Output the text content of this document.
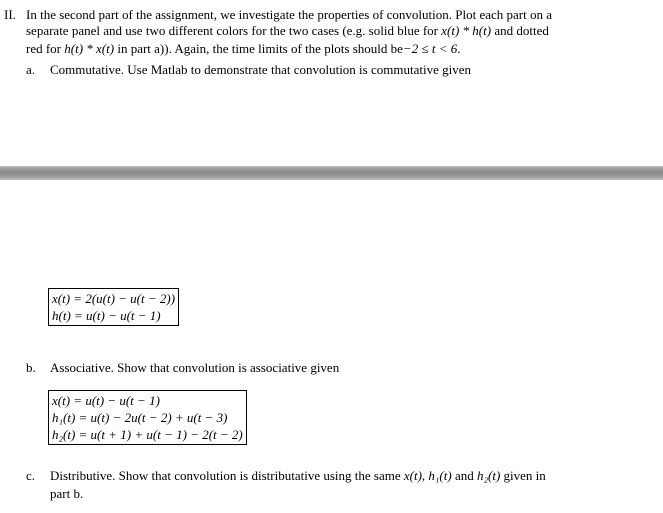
II. In the second part of the assignment, we investigate the properties of convolution. Plot each part on a
separate panel and use two different colors for the two cases (e.g. solid blue for x(t) * h(t) and dotted
red for h(t) * x(t) in part a)). Again, the time limits of the plots should be−2 ≤ t < 6.
a. Commutative. Use Matlab to demonstrate that convolution is commutative given
x(t) = 2(u(t) − u(t − 2))
h(t) = u(t) − u(t − 1)
b. Associative. Show that convolution is associative given
x(t) = u(t) − u(t − 1)
h₁(t) = u(t) − 2u(t − 2) + u(t − 3)
h₂(t) = u(t + 1) + u(t − 1) − 2(t − 2)
c. Distributive. Show that convolution is distributative using the same x(t), h₁(t) and h₂(t) given in
part b.
